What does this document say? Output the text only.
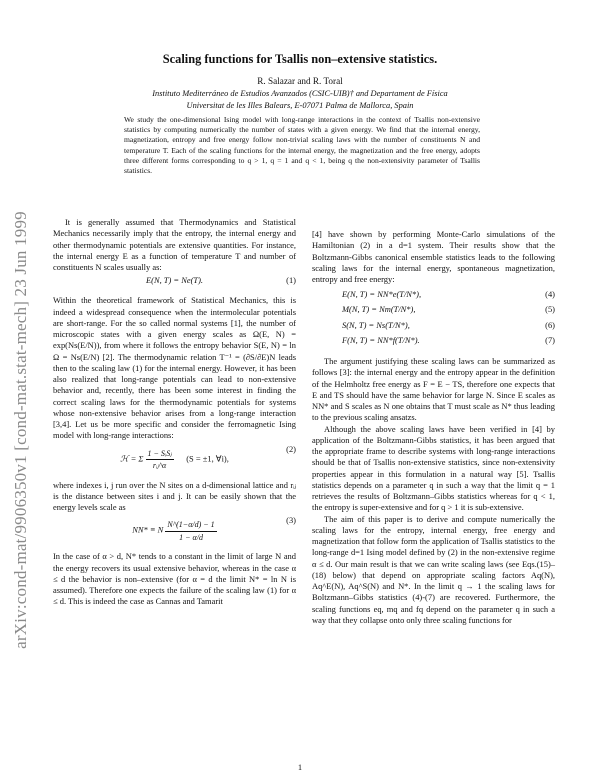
arXiv:cond-mat/9906350v1 [cond-mat.stat-mech] 23 Jun 1999
Scaling functions for Tsallis non–extensive statistics.
R. Salazar and R. Toral
Instituto Mediterráneo de Estudios Avanzados (CSIC-UIB)† and Departament de Física
Universitat de les Illes Balears, E-07071 Palma de Mallorca, Spain
We study the one-dimensional Ising model with long-range interactions in the context of Tsallis non-extensive statistics by computing numerically the number of states with a given energy. We find that the internal energy, magnetization, entropy and free energy follow non-trivial scaling laws with the number of constituents N and temperature T. Each of the scaling functions for the internal energy, the magnetization and the free energy, adopts three different forms corresponding to q > 1, q = 1 and q < 1, being q the non-extensivity parameter of Tsallis statistics.

It is generally assumed that Thermodynamics and Statistical Mechanics necessarily imply that the entropy, the internal energy and other thermodynamic potentials are extensive quantities. For instance, the internal energy E as a function of temperature T and number of constituents N scales usually as:

E(N, T) = Ne(T).	(1)

Within the theoretical framework of Statistical Mechanics, this is indeed a widespread consequence when the intermolecular potentials are short-range. For the so called normal systems [1], the number of microscopic states with a given energy scales as Ω(E, N) = exp(Ns(E/N)), from where it follows the entropy behavior S(E, N) = ln Ω = Ns(E/N) [2]. The thermodynamic relation T⁻¹ = (∂S/∂E)N leads then to the scaling law (1) for the internal energy. However, it has been also realized that long-range potentials can lead to non-extensive behavior and, recently, there has been some interest in finding the correct scaling laws for the thermodynamic potentials for systems whose non-extensive behavior arises from a long-range interaction [3,4]. Let us be more specific and consider the ferromagnetic Ising model with long-range interactions:

ℋ = Σ $\frac{\text{1 − SᵢSⱼ}}{\text{rᵢⱼ\textasciicircum{}α}} (S = \pm 1$, ∀i),
(2)

where indexes i, j run over the N sites on a d-dimensional lattice and rᵢⱼ is the distance between sites i and j. It can be easily shown that the energy levels scale as

NN* ≡ N $\frac{N\^{}(1-\alpha/d) - 1}{1 - \alpha/d}$	(3)

In the case of α > d, N* tends to a constant in the limit of large N and the energy recovers its usual extensive behavior, whereas in the case α ≤ d the behavior is non–extensive (for α = d the limit N* = ln N is assumed). Therefore one expects the failure of the scaling law (1) for α ≤ d. This is indeed the case as Cannas and Tamarit

[4] have shown by performing Monte-Carlo simulations of the Hamiltonian (2) in a d=1 system. Their results show that the Boltzmann-Gibbs canonical ensemble statistics leads to the following scaling laws for the internal energy, spontaneous magnetization, entropy and free energy:

E(N, T) = NN*e(T/N*),	(4)
M(N, T) = Nm(T/N*),	(5)
S(N, T) = Ns(T/N*),	(6)
F(N, T) = NN*f(T/N*).	(7)

The argument justifying these scaling laws can be summarized as follows [3]: the internal energy and the entropy appear in the definition of the Helmholtz free energy as F = E − TS, therefore one expects that E and TS should have the same behavior for large N. Since E scales as NN* and S scales as N one obtains that T must scale as N* thus leading to the previous scaling ansatzs.

Although the above scaling laws have been verified in [4] by application of the Boltzmann-Gibbs statistics, it has been argued that the appropriate frame to describe systems with long-range interactions should be that of Tsallis non-extensive statistics, since non-extensivity properties appear in this formulation in a natural way [5]. Tsallis statistics depends on a parameter q in such a way that the limit q = 1 retrieves the results of Boltzmann–Gibbs statistics whereas for q < 1, the entropy is super-extensive and for q > 1 it is sub-extensive.

The aim of this paper is to derive and compute numerically the scaling laws for the entropy, internal energy, free energy and magnetization that follow form the application of Tsallis statistics to the long-range d=1 Ising model defined by (2) in the non-extensive regime α ≤ d. Our main result is that we can write scaling laws (see Eqs.(15)–(18) below) that depend on appropriate scaling factors Aq(N), Aq^E(N), Aq^S(N) and N*. In the limit q → 1 the scaling laws for Boltzmann–Gibbs statistics (4)-(7) are recovered. Furthermore, the scaling functions eq, mq and fq depend on the parameter q in such a way that they collapse onto only three scaling functions for

1
